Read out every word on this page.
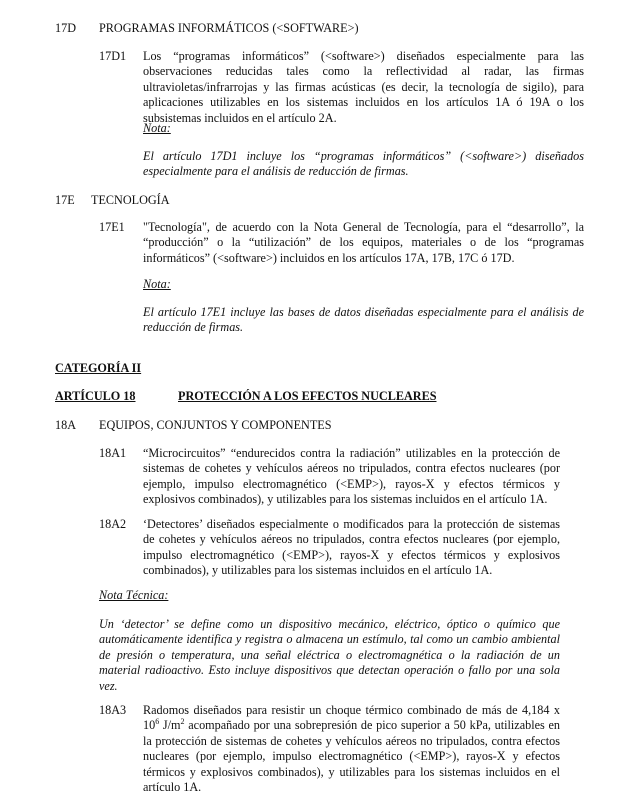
17D PROGRAMAS INFORMÁTICOS (<SOFTWARE>)
17D1 Los “programas informáticos” (<software>) diseñados especialmente para las observaciones reducidas tales como la reflectividad al radar, las firmas ultravioletas/infrarrojas y las firmas acústicas (es decir, la tecnología de sigilo), para aplicaciones utilizables en los sistemas incluidos en los artículos 1A ó 19A o los subsistemas incluidos en el artículo 2A.
Nota:
El artículo 17D1 incluye los “programas informáticos” (<software>) diseñados especialmente para el análisis de reducción de firmas.
17E TECNOLOGÍA
17E1 "Tecnología", de acuerdo con la Nota General de Tecnología, para el “desarrollo”, la “producción” o la “utilización” de los equipos, materiales o de los “programas informáticos” (<software>) incluidos en los artículos 17A, 17B, 17C ó 17D.
Nota:
El artículo 17E1 incluye las bases de datos diseñadas especialmente para el análisis de reducción de firmas.
CATEGORÍA II
ARTÍCULO 18	PROTECCIÓN A LOS EFECTOS NUCLEARES
18A EQUIPOS, CONJUNTOS Y COMPONENTES
18A1 “Microcircuitos” “endurecidos contra la radiación” utilizables en la protección de sistemas de cohetes y vehículos aéreos no tripulados, contra efectos nucleares (por ejemplo, impulso electromagnético (<EMP>), rayos-X y efectos térmicos y explosivos combinados), y utilizables para los sistemas incluidos en el artículo 1A.
18A2 ‘Detectores’ diseñados especialmente o modificados para la protección de sistemas de cohetes y vehículos aéreos no tripulados, contra efectos nucleares (por ejemplo, impulso electromagnético (<EMP>), rayos-X y efectos térmicos y explosivos combinados), y utilizables para los sistemas incluidos en el artículo 1A.
Nota Técnica:
Un ‘detector’ se define como un dispositivo mecánico, eléctrico, óptico o químico que automáticamente identifica y registra o almacena un estímulo, tal como un cambio ambiental de presión o temperatura, una señal eléctrica o electromagnética o la radiación de un material radioactivo. Esto incluye dispositivos que detectan operación o fallo por una sola vez.
18A3 Radomos diseñados para resistir un choque térmico combinado de más de 4,184 x $10^6$ $J/m^2$ acompañado por una sobrepresión de pico superior a 50 kPa, utilizables en la protección de sistemas de cohetes y vehículos aéreos no tripulados, contra efectos nucleares (por ejemplo, impulso electromagnético (<EMP>), rayos-X y efectos térmicos y explosivos combinados), y utilizables para los sistemas incluidos en el artículo 1A.
